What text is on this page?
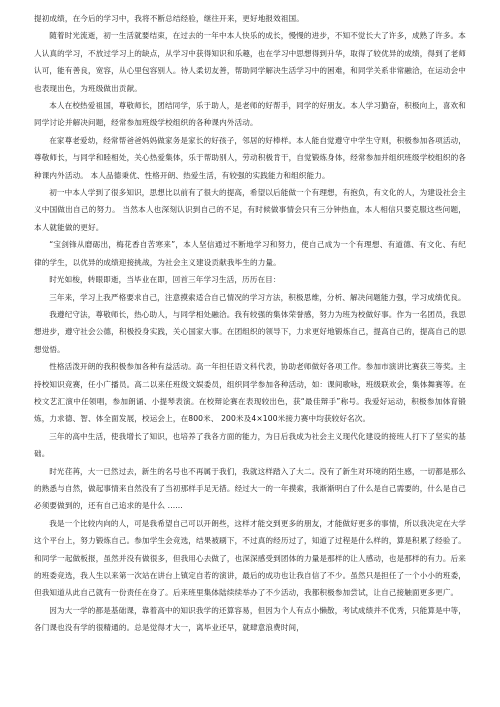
提初成绩，在今后的学习中，我将不断总结经验，继往开来，更好地报效祖国。

随着时光流逝，初一生活就要结束，在过去的一年中本人快乐的成长，慢慢的进步，不知不觉长大了许多，成熟了许多。本人认真的学习，不放过学习上的缺点，从学习中获得知识和乐趣，也在学习中思想得到升华，取得了较优异的成绩，得到了老师认可，能有善良，宽容，从心里包容别人。待人柔切友善，帮助同学解决生活学习中的困难，和同学关系非常融洽，在运动会中也表现出色，为班级做出贡献。

本人在校热爱祖国，尊敬师长，团结同学，乐于助人，是老师的好帮手，同学的好朋友。本人学习勤奋，积极向上，喜欢和同学讨论并解决问题，经常参加班级学校组织的各种课内外活动。

在家尊老爱幼，经常帮爸爸妈妈做家务是家长的好孩子，邻居的好棒样。本人能自觉遵守中学生守则，积极参加各项活动，尊敬师长，与同学和睦相处，关心热爱集体，乐于帮助别人，劳动积极肯干，自觉锻炼身体，经常参加并组织班级学校组织的各种课内外活动。 本人品德秉优、性格开朗、热爱生活，有较强的实践能力和组织能力。

初一中本人学到了很多知识，思想比以前有了很大的提高，希望以后能做一个有理想，有抱负，有文化的人，为建设社会主义中国做出自己的努力。 当然本人也深刻认识到自己的不足，有时候做事情会只有三分钟热血，本人相信只要克服这些问题，本人就能做的更好。

“宝剑锋从磨砺出，梅花香自苦寒来”，本人坚信通过不断地学习和努力，使自己成为一个有理想、有道德、有文化、有纪律的学生，以优异的成绩迎接挑战，为社会主义建设贡献我毕生的力量。

时光如梭，转眼即逝，当毕业在即，回首三年学习生活，历历在目：

三年来，学习上我严格要求自己，注意摸索适合自己情况的学习方法，积极思维，分析、解决问题能力强，学习成绩优良。

我遵纪守法，尊敬师长，热心助人，与同学相处融洽。我有较强的集体荣誉感，努力为班为校做好事。作为一名团员，我思想进步，遵守社会公德，积极投身实践，关心国家大事。在团组织的领导下，力求更好地锻炼自己，提高自己的，提高自己的思想觉悟。

性格活泼开朗的我积极参加各种有益活动。高一年担任语文科代表，协助老师做好各项工作。参加市演讲比赛获三等奖。主持校知识竞赛，任小广播员。高二以来任班级文娱委员，组织同学参加各种活动，如：课间歌咏，班级联欢会，集体舞赛等。在校文艺汇演中任领唱，参加朗诵、小提琴表演。在校辩论赛在表现较出色，获“最佳辩手”称号。我爱好运动，积极参加体育锻炼，力求德、智、体全面发展，校运会上，在800米、 200米及4×100米接力赛中均获较好名次。

三年的高中生活，使我增长了知识，也培养了我各方面的能力，为日后我成为社会主义现代化建设的接班人打下了坚实的基础。

时光荏苒，大一已然过去，新生的名号也不再属于我们，我就这样踏入了大二。没有了新生对环境的陌生感，一切都是那么的熟悉与自然，做起事情来自然没有了当初那样手足无措。经过大一的一年摸索，我渐渐明白了什么是自己需要的，什么是自己必须要做到的，还有自己追求的是什么 ......

我是一个比较内向的人，可是我希望自己可以开朗些，这样才能交到更多的朋友，才能做好更多的事情，所以我决定在大学这个平台上，努力锻炼自己。参加学生会竞选，结果被刷下，不过真的经历过了，知道了过程是什么样的，算是积累了经验了。和同学一起做板报，虽然并没有做很多，但我用心去做了，也深深感受到团体的力量是那样的让人感动，也是那样的有力。后来的班委竞选，我人生以来第一次站在讲台上镇定自若的演讲，最后的成功也让我自信了不少。虽然只是担任了一个小小的班委，但我知道从此自己就有一份责任在身了。后来班里集体陆续续举办了不少活动，我都积极参加尝试，让自己接触面更多更广。

因为大一学的都是基础课，靠着高中的知识我学的还算容易，但因为个人有点小懒散，考试成绩并不优秀，只能算是中等，各门课也没有学的很精通的。总是觉得才大一，离毕业还早，就肆意浪费时间，
